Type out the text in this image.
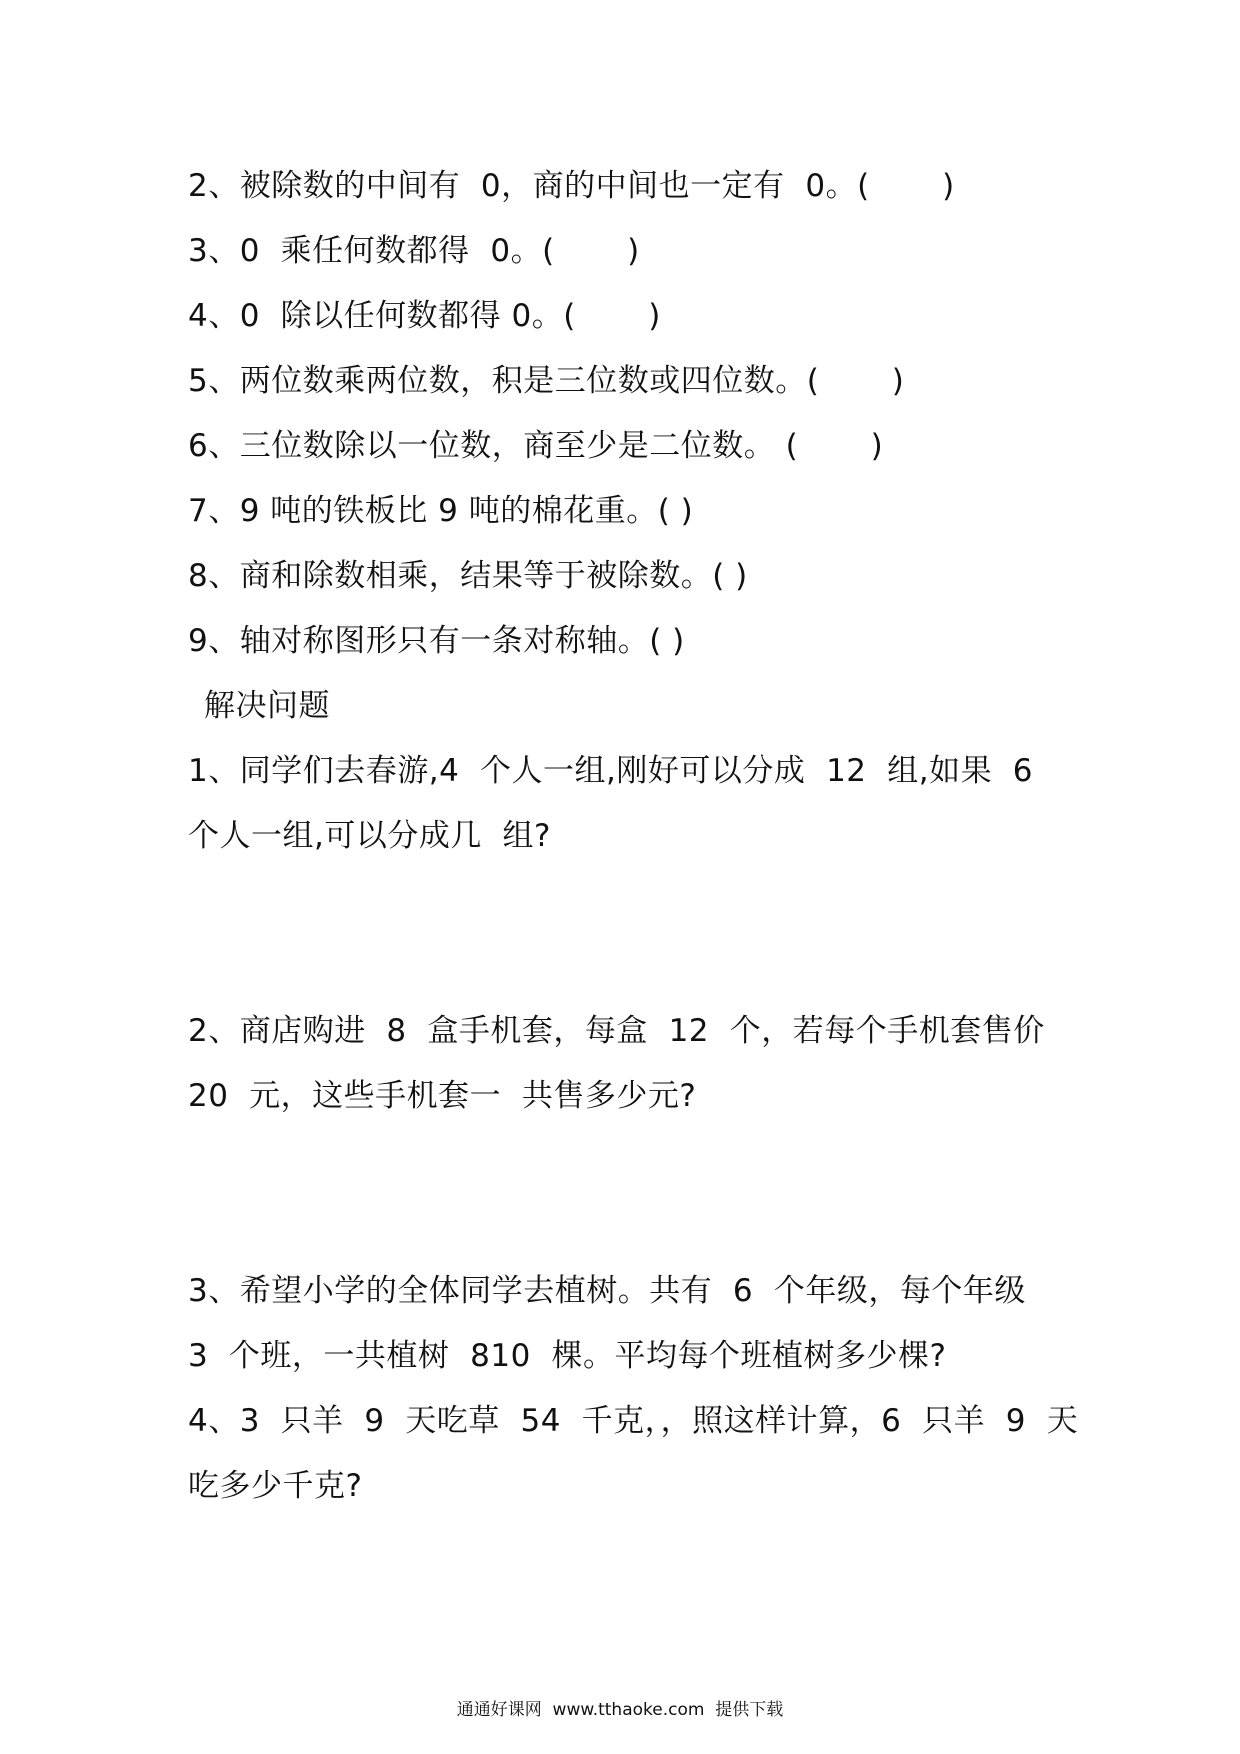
2、被除数的中间有  0，商的中间也一定有  0。(       )
3、0  乘任何数都得  0。(       )
4、0  除以任何数都得 0。(       )
5、两位数乘两位数，积是三位数或四位数。(       )
6、三位数除以一位数，商至少是二位数。 (       )
7、9 吨的铁板比 9 吨的棉花重。( )
8、商和除数相乘，结果等于被除数。( )
9、轴对称图形只有一条对称轴。( )
解决问题
1、同学们去春游,4  个人一组,刚好可以分成  12  组,如果  6
个人一组,可以分成几  组?
2、商店购进  8  盒手机套，每盒  12  个，若每个手机套售价
20  元，这些手机套一  共售多少元?
3、希望小学的全体同学去植树。共有  6  个年级，每个年级
3  个班，一共植树  810  棵。平均每个班植树多少棵?
4、3  只羊  9  天吃草  54  千克，，照这样计算，6  只羊  9  天
吃多少千克?
通通好课网  www.tthaoke.com  提供下载
